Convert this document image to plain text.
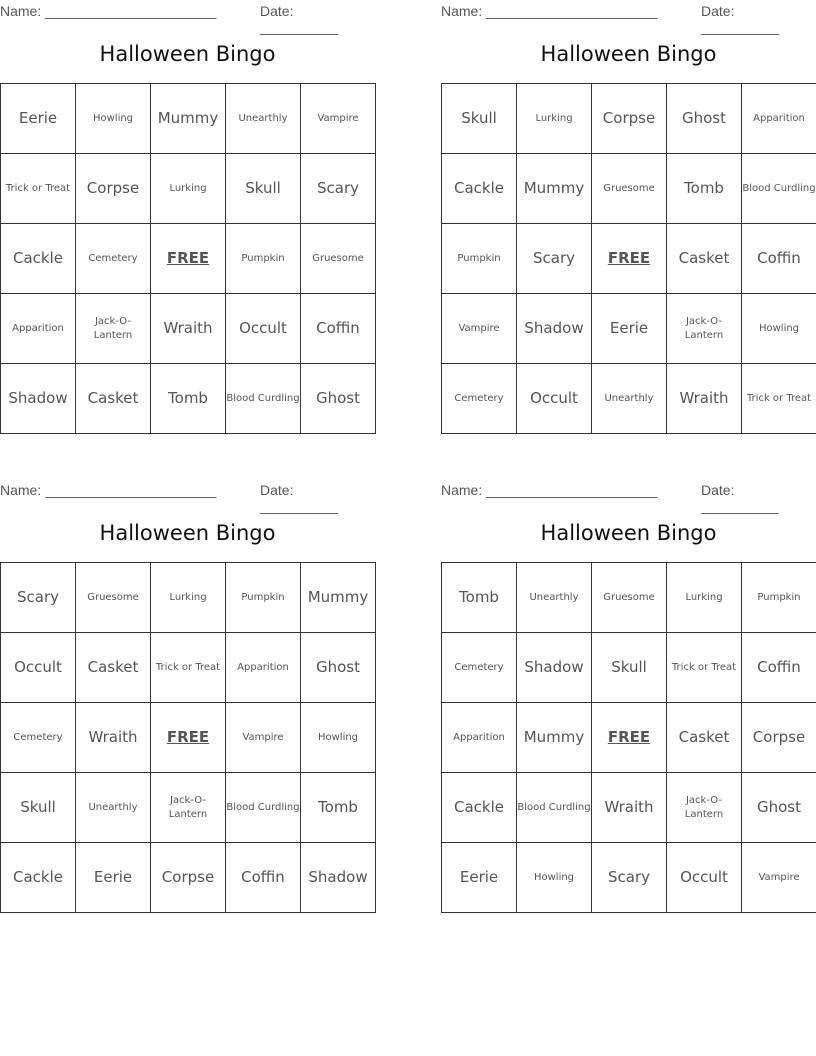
Name: ______________________	Date: __________
Halloween Bingo
Eerie	Howling	Mummy	Unearthly	Vampire
Trick or Treat	Corpse	Lurking	Skull	Scary
Cackle	Cemetery	FREE	Pumpkin	Gruesome
Apparition	Jack-O-Lantern	Wraith	Occult	Coffin
Shadow	Casket	Tomb	Blood Curdling	Ghost
Name: ______________________	Date: __________
Halloween Bingo
Skull	Lurking	Corpse	Ghost	Apparition
Cackle	Mummy	Gruesome	Tomb	Blood Curdling
Pumpkin	Scary	FREE	Casket	Coffin
Vampire	Shadow	Eerie	Jack-O-Lantern	Howling
Cemetery	Occult	Unearthly	Wraith	Trick or Treat
Name: ______________________	Date: __________
Halloween Bingo
Scary	Gruesome	Lurking	Pumpkin	Mummy
Occult	Casket	Trick or Treat	Apparition	Ghost
Cemetery	Wraith	FREE	Vampire	Howling
Skull	Unearthly	Jack-O-Lantern	Blood Curdling	Tomb
Cackle	Eerie	Corpse	Coffin	Shadow
Name: ______________________	Date: __________
Halloween Bingo
Tomb	Unearthly	Gruesome	Lurking	Pumpkin
Cemetery	Shadow	Skull	Trick or Treat	Coffin
Apparition	Mummy	FREE	Casket	Corpse
Cackle	Blood Curdling	Wraith	Jack-O-Lantern	Ghost
Eerie	Howling	Scary	Occult	Vampire
